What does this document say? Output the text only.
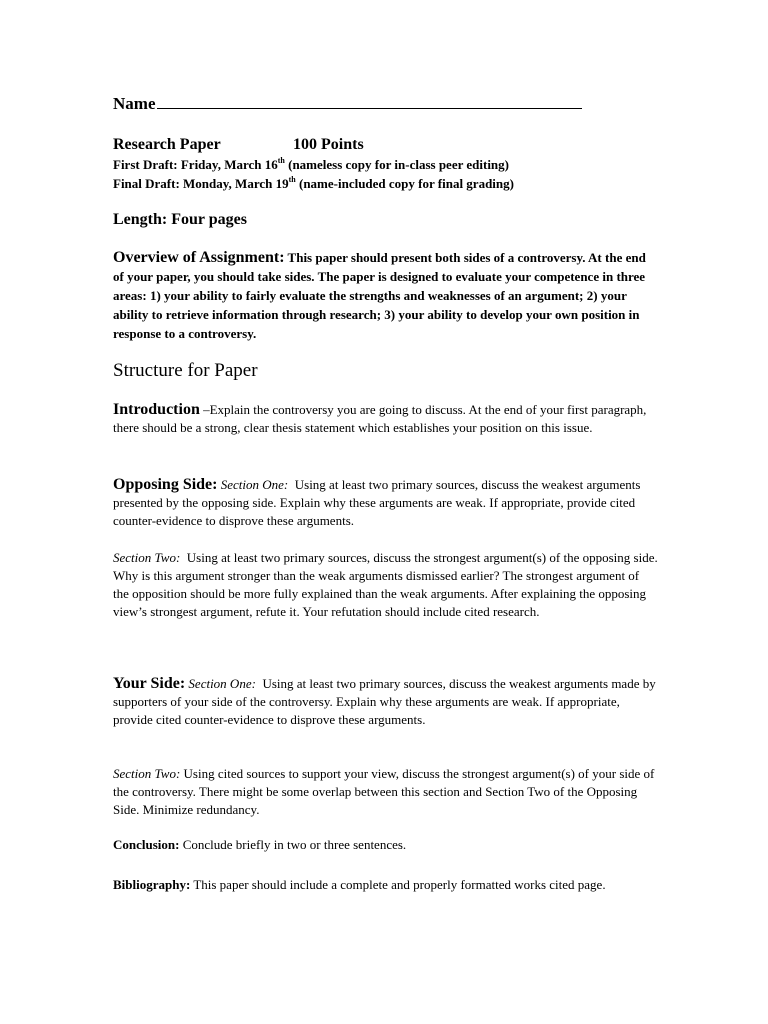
Name
Research Paper	100 Points
First Draft: Friday, March 16th (nameless copy for in-class peer editing)
Final Draft: Monday, March 19th (name-included copy for final grading)
Length: Four pages
Overview of Assignment: This paper should present both sides of a controversy. At the end of your paper, you should take sides. The paper is designed to evaluate your competence in three areas: 1) your ability to fairly evaluate the strengths and weaknesses of an argument; 2) your ability to retrieve information through research; 3) your ability to develop your own position in response to a controversy.
Structure for Paper
Introduction –Explain the controversy you are going to discuss. At the end of your first paragraph, there should be a strong, clear thesis statement which establishes your position on this issue.
Opposing Side: Section One: Using at least two primary sources, discuss the weakest arguments presented by the opposing side. Explain why these arguments are weak. If appropriate, provide cited counter-evidence to disprove these arguments.
Section Two: Using at least two primary sources, discuss the strongest argument(s) of the opposing side. Why is this argument stronger than the weak arguments dismissed earlier? The strongest argument of the opposition should be more fully explained than the weak arguments. After explaining the opposing view’s strongest argument, refute it. Your refutation should include cited research.
Your Side: Section One: Using at least two primary sources, discuss the weakest arguments made by supporters of your side of the controversy. Explain why these arguments are weak. If appropriate, provide cited counter-evidence to disprove these arguments.
Section Two: Using cited sources to support your view, discuss the strongest argument(s) of your side of the controversy. There might be some overlap between this section and Section Two of the Opposing Side. Minimize redundancy.
Conclusion: Conclude briefly in two or three sentences.
Bibliography: This paper should include a complete and properly formatted works cited page.
